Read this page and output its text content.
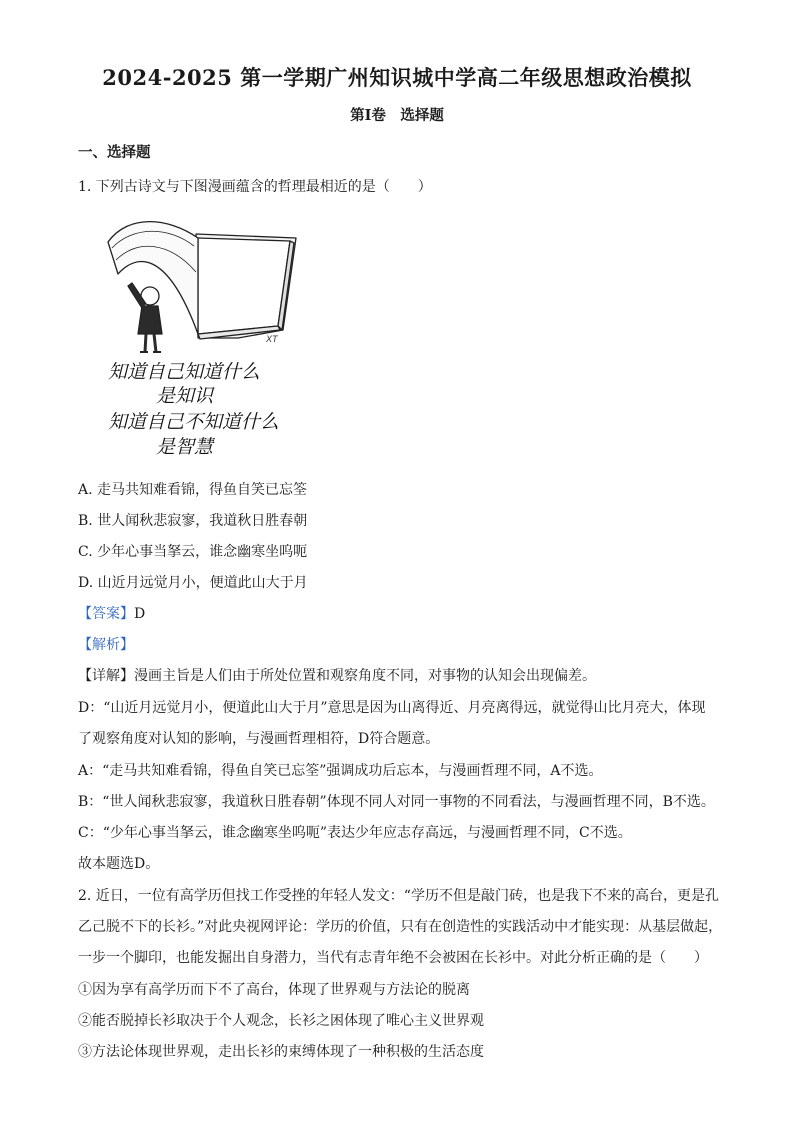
2024-2025 第一学期广州知识城中学高二年级思想政治模拟
第Ⅰ卷　选择题
一、选择题
1. 下列古诗文与下图漫画蕴含的哲理最相近的是（　　）
XT
知道自己知道什么
是知识
知道自己不知道什么
是智慧
A. 走马共知难看锦，得鱼自笑已忘筌
B. 世人闻秋悲寂寥，我道秋日胜春朝
C. 少年心事当拏云，谁念幽寒坐呜呃
D. 山近月远觉月小，便道此山大于月
【答案】D
【解析】
【详解】漫画主旨是人们由于所处位置和观察角度不同，对事物的认知会出现偏差。
D：“山近月远觉月小，便道此山大于月”意思是因为山离得近、月亮离得远，就觉得山比月亮大，体现
了观察角度对认知的影响，与漫画哲理相符，D符合题意。
A：“走马共知难看锦，得鱼自笑已忘筌”强调成功后忘本，与漫画哲理不同，A不选。
B：“世人闻秋悲寂寥，我道秋日胜春朝”体现不同人对同一事物的不同看法，与漫画哲理不同，B不选。
C：“少年心事当拏云，谁念幽寒坐呜呃”表达少年应志存高远，与漫画哲理不同，C不选。
故本题选D。
2. 近日，一位有高学历但找工作受挫的年轻人发文：“学历不但是敲门砖，也是我下不来的高台，更是孔
乙己脱不下的长衫。”对此央视网评论：学历的价值，只有在创造性的实践活动中才能实现：从基层做起，
一步一个脚印，也能发掘出自身潜力，当代有志青年绝不会被困在长衫中。对此分析正确的是（　　）
①因为享有高学历而下不了高台，体现了世界观与方法论的脱离
②能否脱掉长衫取决于个人观念，长衫之困体现了唯心主义世界观
③方法论体现世界观，走出长衫的束缚体现了一种积极的生活态度
